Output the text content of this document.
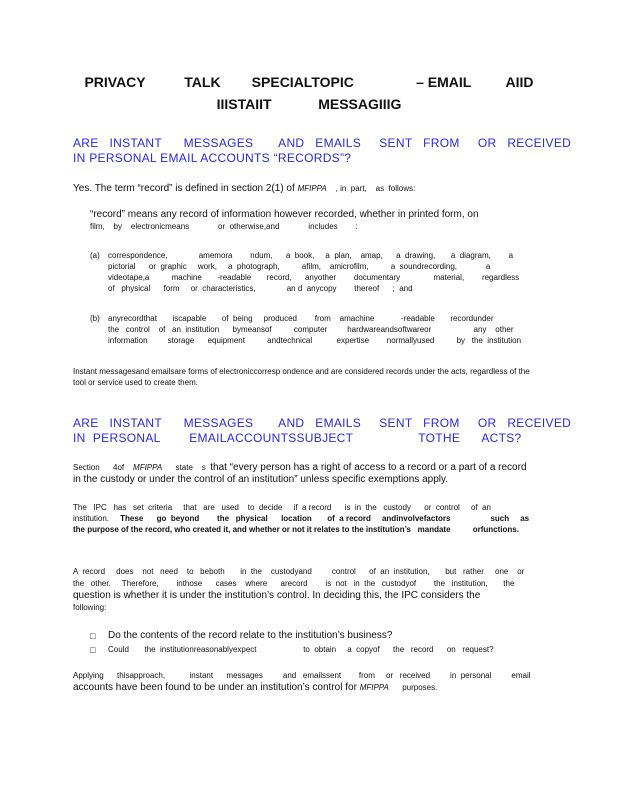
PRIVACY          TALK        SPECIALTOPIC                – EMAIL         AIID
IIISTAIIT            MESSAGIIIG
ARE   INSTANT      MESSAGES       AND   EMAILS     SENT   FROM     OR   RECEIVED
IN PERSONAL EMAIL ACCOUNTS “RECORDS”?
Yes. The term “record” is defined in section 2(1) of MFIPPA    , in  part,    as  follows:
“record” means any record of information however recorded, whether in printed form, on
film,    by    electronicmeans             or  otherwise,and             includes        :
(a)	correspondence,              amemora        ndum,      a  book,     a  plan,    amap,      a  drawing,       a  diagram,        a   pictorial      or  graphic     work,     a  photograph,          afilm,    amicrofilm,          a  soundrecording,             a   videotape,a          machine       -readable       record,      anyother        documentary               material,        regardless         of   physical      form     or  characteristics,              an d  anycopy        thereof      ;  and
(b)	anyrecordthat       iscapable       of  being     produced        from    amachine            -readable       recordunder            the   control    of   an  institution      bymeansof          computer         hardwareandsoftwareor                   any    other   information         storage      equipment          andtechnical           expertise        normallyused          by   the  institution
Instant messagesand emailsare forms of electroniccorresp ondence and are considered records under the acts, regardless of the tool or service used to create them.
ARE   INSTANT      MESSAGES       AND   EMAILS     SENT   FROM     OR   RECEIVED
IN  PERSONAL        EMAILACCOUNTSSUBJECT                  TOTHE      ACTS?
Section      4of    MFIPPA      state    s  that “every person has a right of access to a record or a part of a record in the custody or under the control of an institution” unless specific exemptions apply.
The   IPC   has   set  criteria     that   are   used    to  decide     if  a record      is  in  the   custody      or  control     of  an   institution.     These      go  beyond        the   physical      location       of  a record     andinvolvefactors                  such     as   the purpose of the record, who created it, and whether or not it relates to the institution’s   mandate          orfunctions.
A  record     does    not   need    to   beboth       in  the    custodyand         control      of  an  institution,       but   rather     one    or   the   other.     Therefore,        inthose      cases    where      arecord        is  not   in  the   custodyof        the   institution,       the   question is whether it is under the institution’s control. In deciding this, the IPC considers the
following:
□ Do the contents of the record relate to the institution’s business?
□ Could       the  institutionreasonablyexpect                     to  obtain     a  copyof      the   record      on   request?
Applying      thisapproach,           instant      messages         and   emailssent        from     or   received         in  personal         email   accounts have been found to be under an institution’s control for MFIPPA      purposes.
